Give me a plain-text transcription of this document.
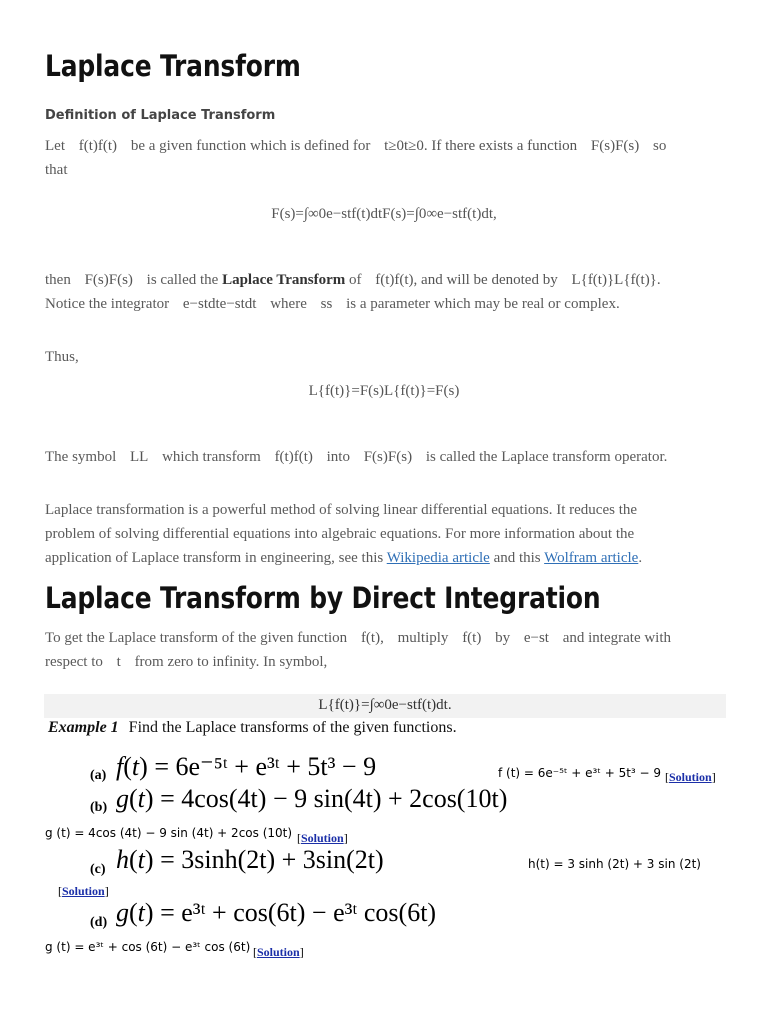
Laplace Transform
Definition of Laplace Transform
Let f(t)f(t) be a given function which is defined for t≥0t≥0. If there exists a function F(s)F(s) so
that
F(s)=∫∞0e−stf(t)dtF(s)=∫0∞e−stf(t)dt,
then F(s)F(s) is called the Laplace Transform of f(t)f(t), and will be denoted by L{f(t)}L{f(t)}.
Notice the integrator e−stdte−stdt where ss is a parameter which may be real or complex.
Thus,
L{f(t)}=F(s)L{f(t)}=F(s)
The symbol LL which transform f(t)f(t) into F(s)F(s) is called the Laplace transform operator.
Laplace transformation is a powerful method of solving linear differential equations. It reduces the
problem of solving differential equations into algebraic equations. For more information about the
application of Laplace transform in engineering, see this Wikipedia article and this Wolfram article.
Laplace Transform by Direct Integration
To get the Laplace transform of the given function f(t), multiply f(t) by e−st and integrate with
respect to t from zero to infinity. In symbol,
L{f(t)}=∫∞0e−stf(t)dt.
Example 1 Find the Laplace transforms of the given functions.
(a) f(t) = 6e⁻⁵ᵗ + e³ᵗ + 5t³ − 9	f (t) = 6e⁻⁵ᵗ + e³ᵗ + 5t³ − 9 [Solution]
(b) g(t) = 4cos(4t) − 9 sin(4t) + 2cos(10t)
g (t) = 4cos (4t) − 9 sin (4t) + 2cos (10t) [Solution]
(c) h(t) = 3sinh(2t) + 3sin(2t)	h(t) = 3 sinh (2t) + 3 sin (2t)
[Solution]
(d) g(t) = e³ᵗ + cos(6t) − e³ᵗ cos(6t)
g (t) = e³ᵗ + cos (6t) − e³ᵗ cos (6t) [Solution]
